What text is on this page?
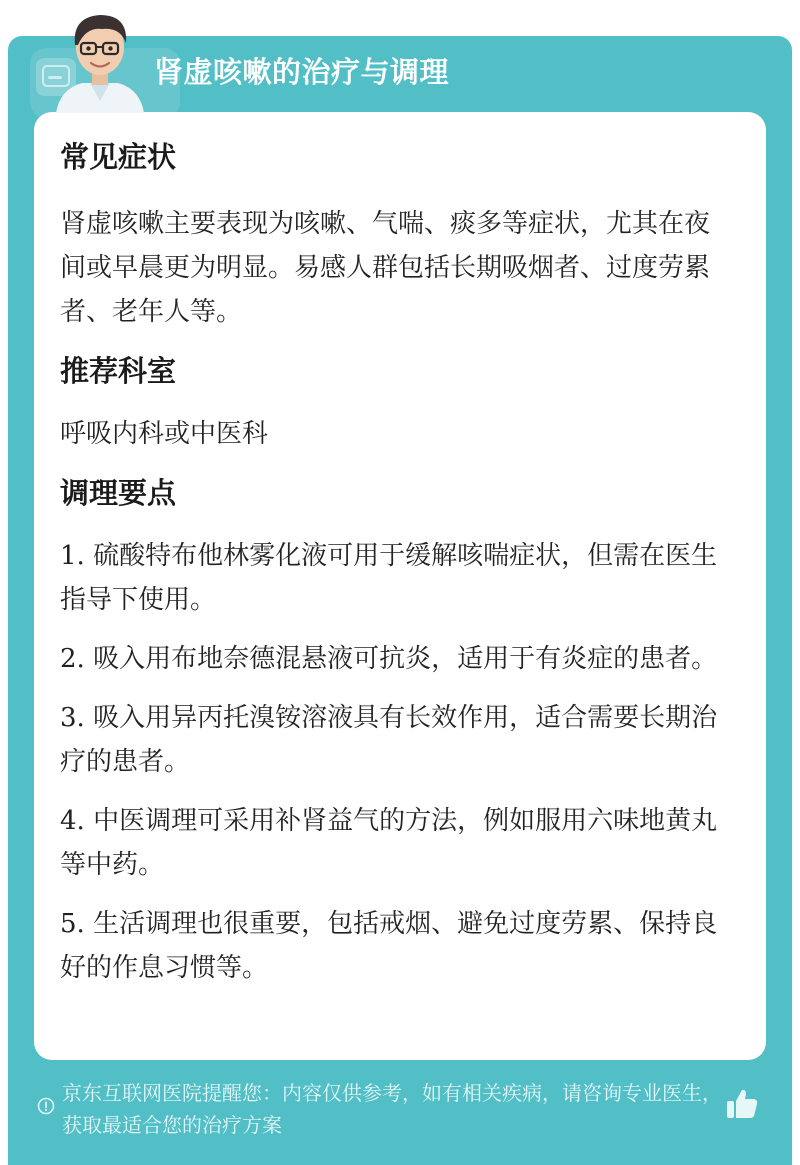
肾虚咳嗽的治疗与调理
常见症状

肾虚咳嗽主要表现为咳嗽、气喘、痰多等症状，尤其在夜间或早晨更为明显。易感人群包括长期吸烟者、过度劳累者、老年人等。

推荐科室

呼吸内科或中医科

调理要点

1. 硫酸特布他林雾化液可用于缓解咳喘症状，但需在医生指导下使用。

2. 吸入用布地奈德混悬液可抗炎，适用于有炎症的患者。

3. 吸入用异丙托溴铵溶液具有长效作用，适合需要长期治疗的患者。

4. 中医调理可采用补肾益气的方法，例如服用六味地黄丸等中药。

5. 生活调理也很重要，包括戒烟、避免过度劳累、保持良好的作息习惯等。

京东互联网医院提醒您：内容仅供参考，如有相关疾病，请咨询专业医生，获取最适合您的治疗方案
